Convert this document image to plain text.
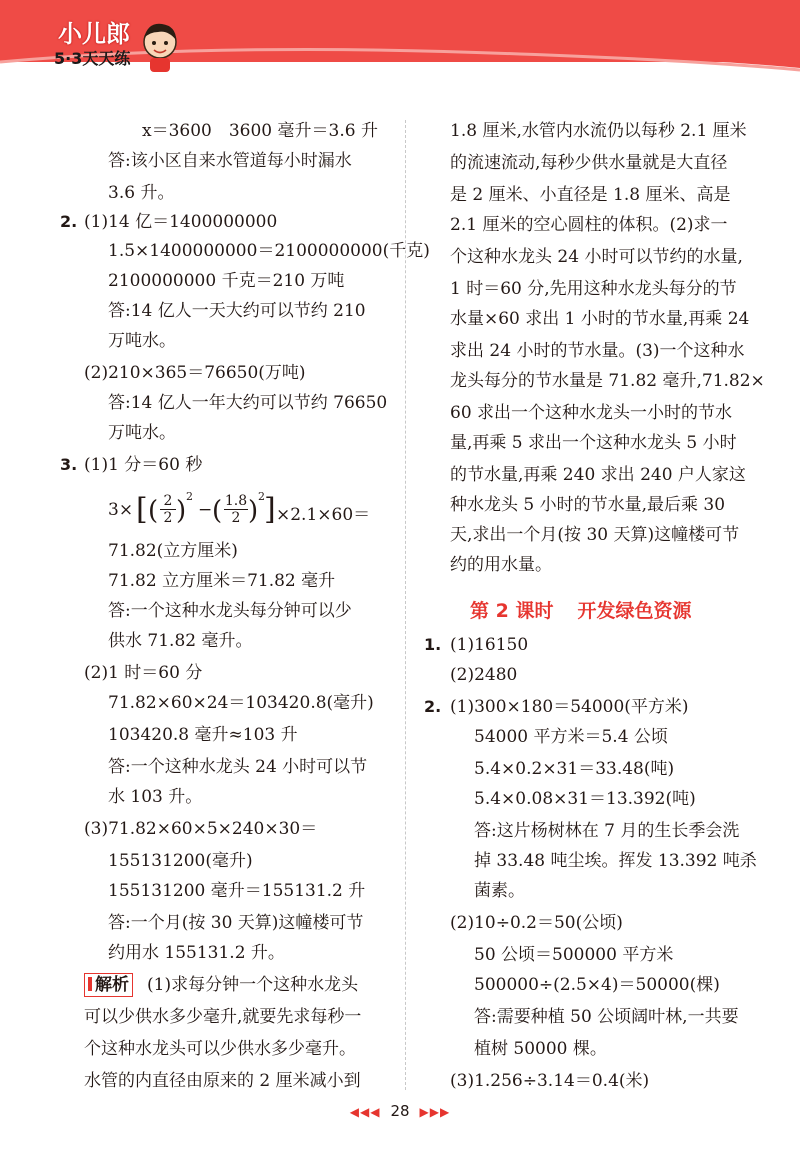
小儿郎
5·3天天练
x＝3600　3600 毫升＝3.6 升
答:该小区自来水管道每小时漏水
3.6 升。
2. (1)14 亿＝1400000000
1.5×1400000000＝2100000000(千克)
2100000000 千克＝210 万吨
答:14 亿人一天大约可以节约 210
万吨水。
(2)210×365＝76650(万吨)
答:14 亿人一年大约可以节约 76650
万吨水。
3. (1)1 分＝60 秒
3× [ ( $\frac{2}{2}$ ) 2
− ( $\frac{1.8}{2}$ ) 2 ] ×2.1×60＝
71.82(立方厘米)
71.82 立方厘米＝71.82 毫升
答:一个这种水龙头每分钟可以少
供水 71.82 毫升。
(2)1 时＝60 分
71.82×60×24＝103420.8(毫升)
103420.8 毫升≈103 升
答:一个这种水龙头 24 小时可以节
水 103 升。
(3)71.82×60×5×240×30＝
155131200(毫升)
155131200 毫升＝155131.2 升
答:一个月(按 30 天算)这幢楼可节
约用水 155131.2 升。
解析 (1)求每分钟一个这种水龙头
可以少供水多少毫升,就要先求每秒一
个这种水龙头可以少供水多少毫升。
水管的内直径由原来的 2 厘米减小到
1.8 厘米,水管内水流仍以每秒 2.1 厘米
的流速流动,每秒少供水量就是大直径
是 2 厘米、小直径是 1.8 厘米、高是
2.1 厘米的空心圆柱的体积。(2)求一
个这种水龙头 24 小时可以节约的水量,
1 时＝60 分,先用这种水龙头每分的节
水量×60 求出 1 小时的节水量,再乘 24
求出 24 小时的节水量。(3)一个这种水
龙头每分的节水量是 71.82 毫升,71.82×
60 求出一个这种水龙头一小时的节水
量,再乘 5 求出一个这种水龙头 5 小时
的节水量,再乘 240 求出 240 户人家这
种水龙头 5 小时的节水量,最后乘 30
天,求出一个月(按 30 天算)这幢楼可节
约的用水量。
第 2 课时 开发绿色资源
1. (1)16150
(2)2480
2. (1)300×180＝54000(平方米)
54000 平方米＝5.4 公顷
5.4×0.2×31＝33.48(吨)
5.4×0.08×31＝13.392(吨)
答:这片杨树林在 7 月的生长季会洗
掉 33.48 吨尘埃。挥发 13.392 吨杀
菌素。
(2)10÷0.2＝50(公顷)
50 公顷＝500000 平方米
500000÷(2.5×4)＝50000(棵)
答:需要种植 50 公顷阔叶林,一共要
植树 50000 棵。
(3)1.256÷3.14＝0.4(米)
◀◀◀ 28 ▶▶▶
